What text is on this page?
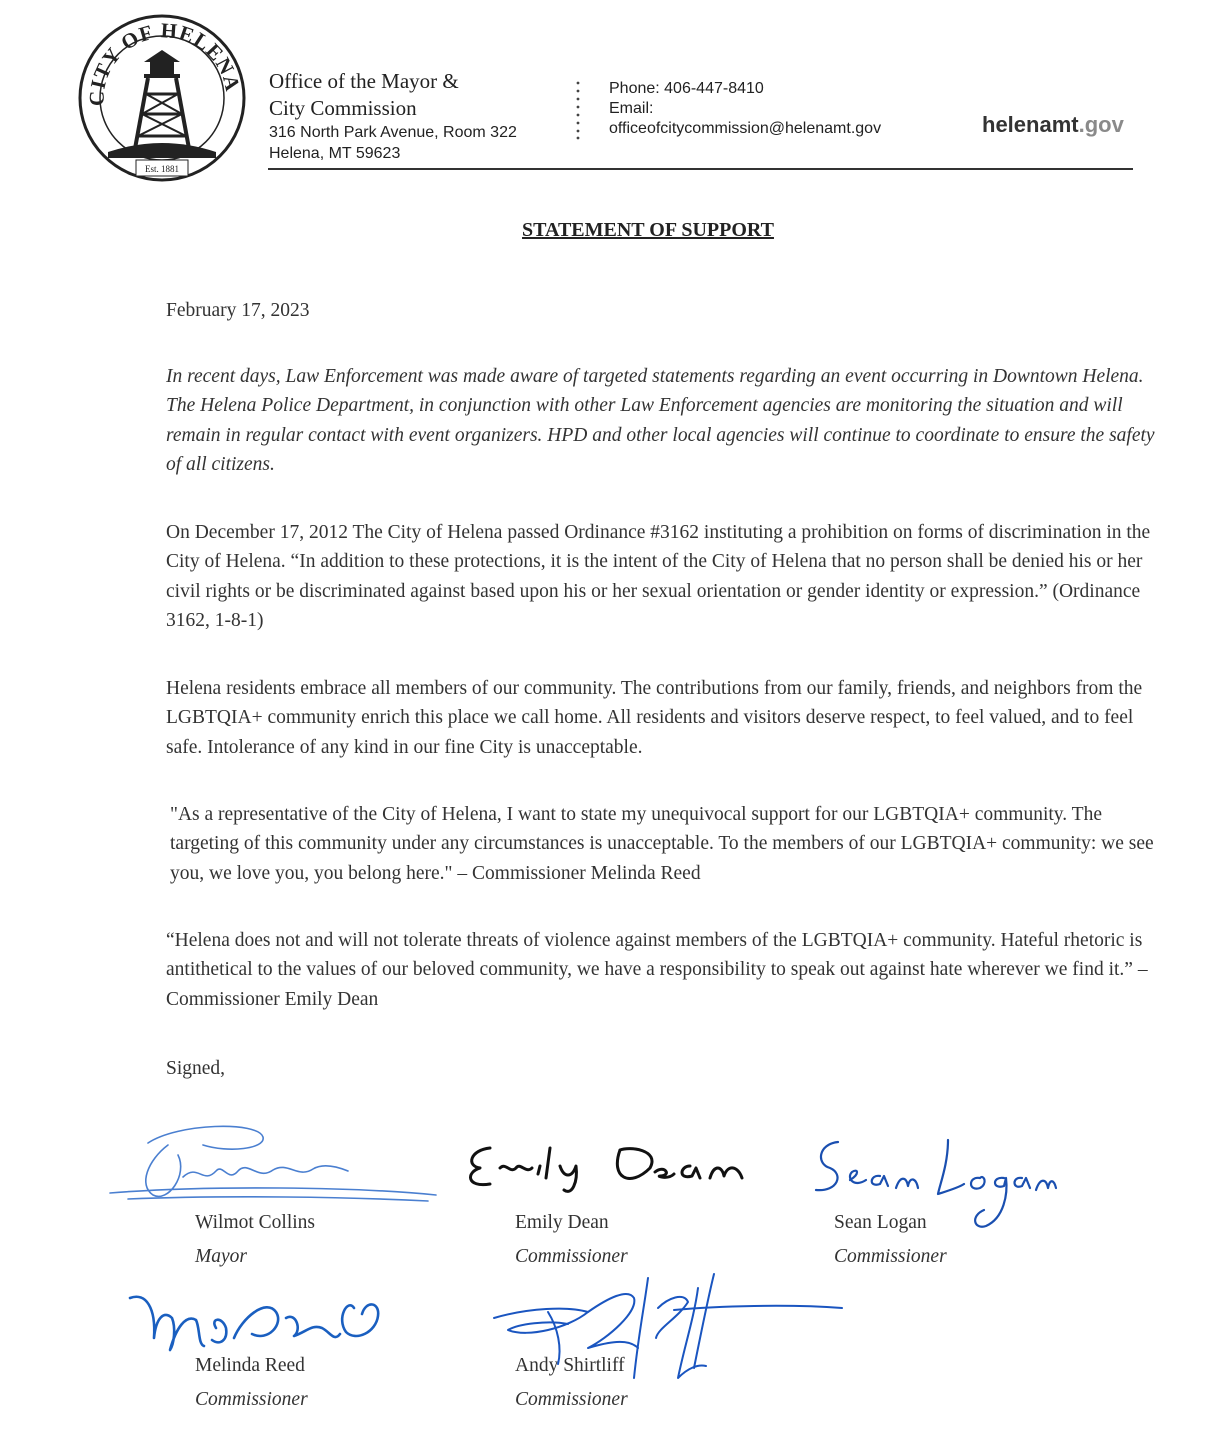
CITY OF HELENA
Est. 1881
Office of the Mayor &
City Commission
316 North Park Avenue, Room 322
Helena, MT 59623
Phone: 406-447-8410
Email:
officeofcitycommission@helenamt.gov	helenamt.gov
STATEMENT OF SUPPORT
February 17, 2023
In recent days, Law Enforcement was made aware of targeted statements regarding an event occurring in Downtown Helena. The Helena Police Department, in conjunction with other Law Enforcement agencies are monitoring the situation and will remain in regular contact with event organizers. HPD and other local agencies will continue to coordinate to ensure the safety of all citizens.
On December 17, 2012 The City of Helena passed Ordinance #3162 instituting a prohibition on forms of discrimination in the City of Helena. “In addition to these protections, it is the intent of the City of Helena that no person shall be denied his or her civil rights or be discriminated against based upon his or her sexual orientation or gender identity or expression.” (Ordinance 3162, 1-8-1)
Helena residents embrace all members of our community. The contributions from our family, friends, and neighbors from the LGBTQIA+ community enrich this place we call home. All residents and visitors deserve respect, to feel valued, and to feel safe. Intolerance of any kind in our fine City is unacceptable.
"As a representative of the City of Helena, I want to state my unequivocal support for our LGBTQIA+ community. The targeting of this community under any circumstances is unacceptable. To the members of our LGBTQIA+ community: we see you, we love you, you belong here." – Commissioner Melinda Reed
“Helena does not and will not tolerate threats of violence against members of the LGBTQIA+ community. Hateful rhetoric is antithetical to the values of our beloved community, we have a responsibility to speak out against hate wherever we find it.” – Commissioner Emily Dean
Signed,
Wilmot Collins
Mayor
Emily Dean
Commissioner
Sean Logan
Commissioner
Melinda Reed
Commissioner
Andy Shirtliff
Commissioner
